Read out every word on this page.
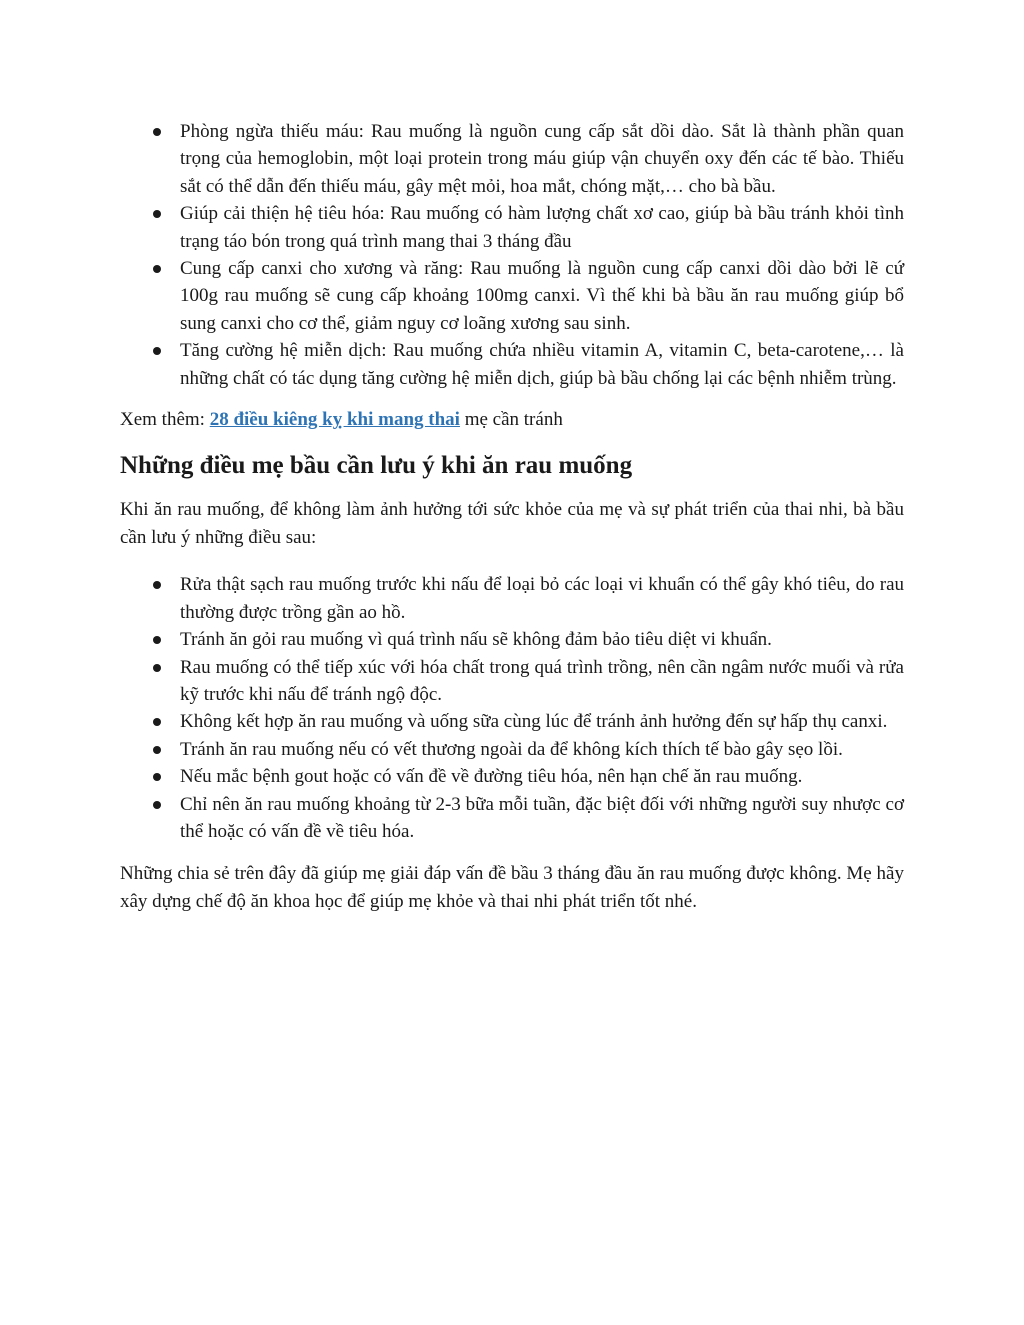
Phòng ngừa thiếu máu: Rau muống là nguồn cung cấp sắt dồi dào. Sắt là thành phần quan trọng của hemoglobin, một loại protein trong máu giúp vận chuyển oxy đến các tế bào. Thiếu sắt có thể dẫn đến thiếu máu, gây mệt mỏi, hoa mắt, chóng mặt,… cho bà bầu.
Giúp cải thiện hệ tiêu hóa: Rau muống có hàm lượng chất xơ cao, giúp bà bầu tránh khỏi tình trạng táo bón trong quá trình mang thai 3 tháng đầu
Cung cấp canxi cho xương và răng: Rau muống là nguồn cung cấp canxi dồi dào bởi lẽ cứ 100g rau muống sẽ cung cấp khoảng 100mg canxi. Vì thế khi bà bầu ăn rau muống giúp bổ sung canxi cho cơ thể, giảm nguy cơ loãng xương sau sinh.
Tăng cường hệ miễn dịch: Rau muống chứa nhiều vitamin A, vitamin C, beta-carotene,… là những chất có tác dụng tăng cường hệ miễn dịch, giúp bà bầu chống lại các bệnh nhiễm trùng.

Xem thêm: 28 điều kiêng kỵ khi mang thai mẹ cần tránh

Những điều mẹ bầu cần lưu ý khi ăn rau muống

Khi ăn rau muống, để không làm ảnh hưởng tới sức khỏe của mẹ và sự phát triển của thai nhi, bà bầu cần lưu ý những điều sau:

Rửa thật sạch rau muống trước khi nấu để loại bỏ các loại vi khuẩn có thể gây khó tiêu, do rau thường được trồng gần ao hồ.
Tránh ăn gỏi rau muống vì quá trình nấu sẽ không đảm bảo tiêu diệt vi khuẩn.
Rau muống có thể tiếp xúc với hóa chất trong quá trình trồng, nên cần ngâm nước muối và rửa kỹ trước khi nấu để tránh ngộ độc.
Không kết hợp ăn rau muống và uống sữa cùng lúc để tránh ảnh hưởng đến sự hấp thụ canxi.
Tránh ăn rau muống nếu có vết thương ngoài da để không kích thích tế bào gây sẹo lồi.
Nếu mắc bệnh gout hoặc có vấn đề về đường tiêu hóa, nên hạn chế ăn rau muống.
Chỉ nên ăn rau muống khoảng từ 2-3 bữa mỗi tuần, đặc biệt đối với những người suy nhược cơ thể hoặc có vấn đề về tiêu hóa.

Những chia sẻ trên đây đã giúp mẹ giải đáp vấn đề bầu 3 tháng đầu ăn rau muống được không. Mẹ hãy xây dựng chế độ ăn khoa học để giúp mẹ khỏe và thai nhi phát triển tốt nhé.
